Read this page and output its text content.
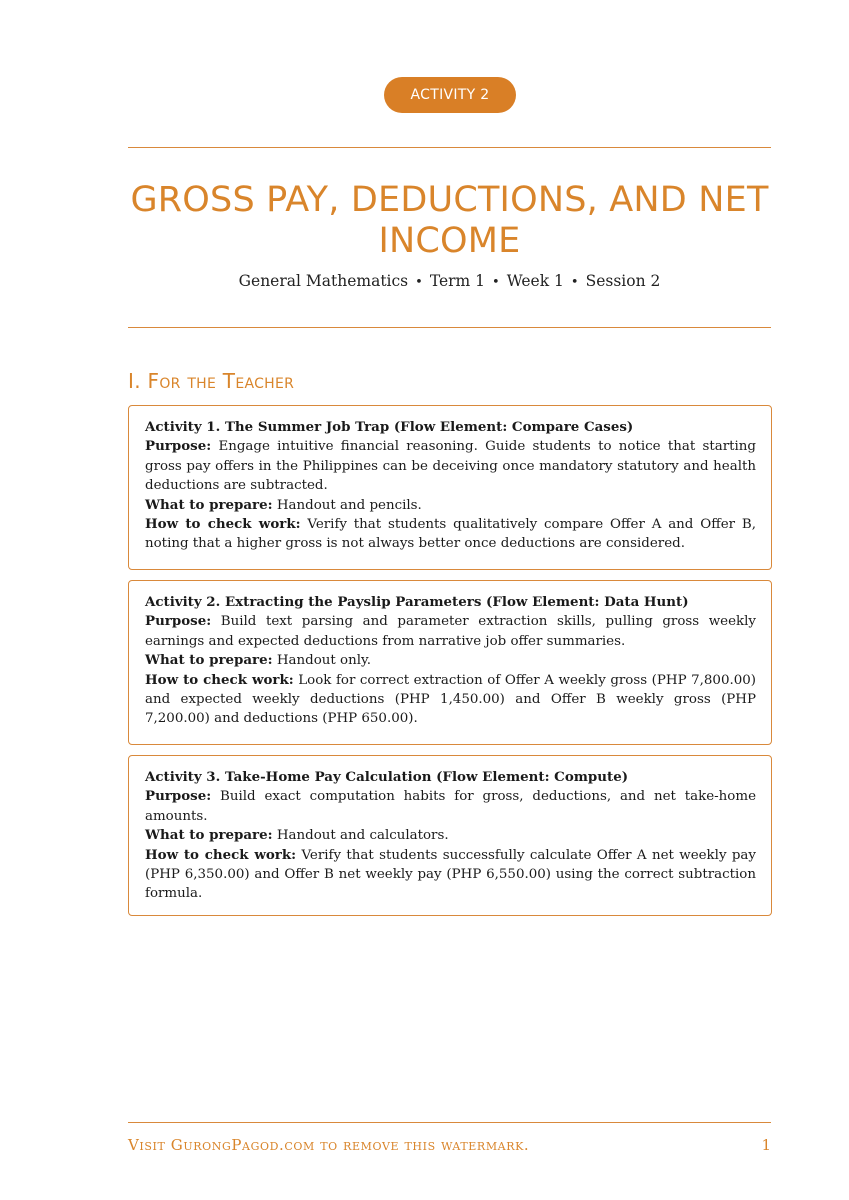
ACTIVITY 2
GROSS PAY, DEDUCTIONS, AND NET INCOME
General Mathematics • Term 1 • Week 1 • Session 2
I. For the Teacher
Activity 1. The Summer Job Trap (Flow Element: Compare Cases)
Purpose: Engage intuitive financial reasoning. Guide students to notice that starting gross pay offers in the Philippines can be deceiving once mandatory statutory and health deductions are subtracted.
What to prepare: Handout and pencils.
How to check work: Verify that students qualitatively compare Offer A and Offer B, noting that a higher gross is not always better once deductions are considered.
Activity 2. Extracting the Payslip Parameters (Flow Element: Data Hunt)
Purpose: Build text parsing and parameter extraction skills, pulling gross weekly earnings and expected deductions from narrative job offer summaries.
What to prepare: Handout only.
How to check work: Look for correct extraction of Offer A weekly gross (PHP 7,800.00) and expected weekly deductions (PHP 1,450.00) and Offer B weekly gross (PHP 7,200.00) and deductions (PHP 650.00).
Activity 3. Take-Home Pay Calculation (Flow Element: Compute)
Purpose: Build exact computation habits for gross, deductions, and net take-home amounts.
What to prepare: Handout and calculators.
How to check work: Verify that students successfully calculate Offer A net weekly pay (PHP 6,350.00) and Offer B net weekly pay (PHP 6,550.00) using the correct subtraction formula.
Visit GurongPagod.com to remove this watermark.	1
